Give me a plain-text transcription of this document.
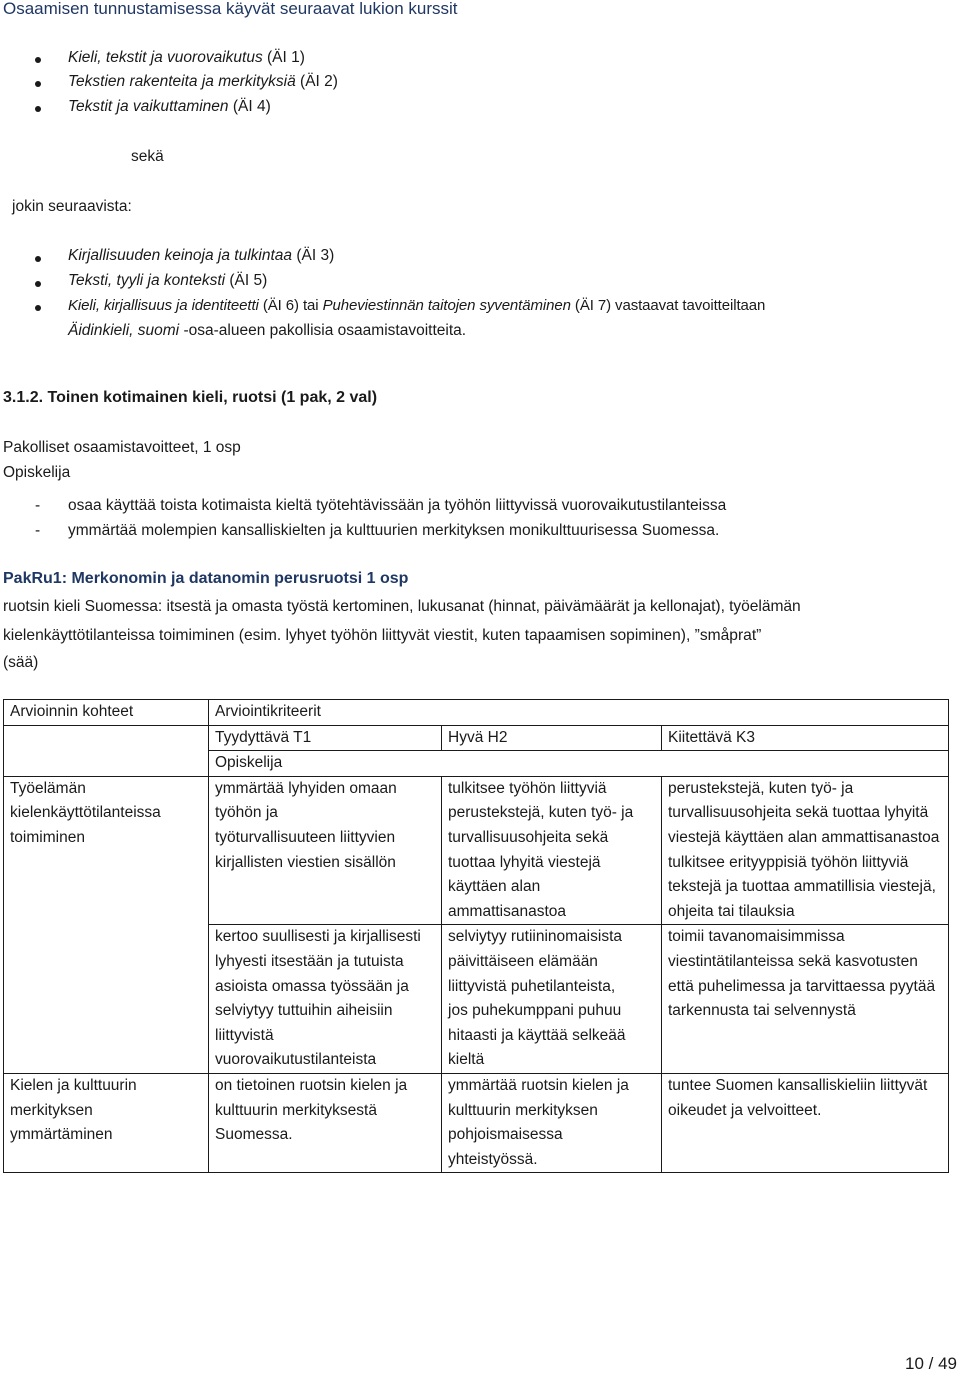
Osaamisen tunnustamisessa käyvät seuraavat lukion kurssit
Kieli, tekstit ja vuorovaikutus (ÄI 1)
Tekstien rakenteita ja merkityksiä (ÄI 2)
Tekstit ja vaikuttaminen (ÄI 4)
sekä
jokin seuraavista:
Kirjallisuuden keinoja ja tulkintaa (ÄI 3)
Teksti, tyyli ja konteksti (ÄI 5)
Kieli, kirjallisuus ja identiteetti (ÄI 6) tai Puheviestinnän taitojen syventäminen (ÄI 7) vastaavat tavoitteiltaan
Äidinkieli, suomi -osa-alueen pakollisia osaamistavoitteita.
3.1.2. Toinen kotimainen kieli, ruotsi (1 pak, 2 val)
Pakolliset osaamistavoitteet, 1 osp
Opiskelija
- osaa käyttää toista kotimaista kieltä työtehtävissään ja työhön liittyvissä vuorovaikutustilanteissa
- ymmärtää molempien kansalliskielten ja kulttuurien merkityksen monikulttuurisessa Suomessa.
PakRu1: Merkonomin ja datanomin perusruotsi 1 osp
ruotsin kieli Suomessa: itsestä ja omasta työstä kertominen, lukusanat (hinnat, päivämäärät ja kellonajat), työelämän
kielenkäyttötilanteissa toimiminen (esim. lyhyet työhön liittyvät viestit, kuten tapaamisen sopiminen), ”småprat”
(sää)
Arvioinnin kohteet	Arviointikriteerit		
	Tyydyttävä T1	Hyvä H2	Kiitettävä K3
	Opiskelija		
Työelämän kielenkäyttötilanteissa toimiminen	ymmärtää lyhyiden omaan työhön ja työturvallisuuteen liittyvien kirjallisten viestien sisällön	tulkitsee työhön liittyviä perustekstejä, kuten työ- ja turvallisuusohjeita sekä tuottaa lyhyitä viestejä käyttäen alan ammattisanastoa	perustekstejä, kuten työ- ja turvallisuusohjeita sekä tuottaa lyhyitä viestejä käyttäen alan ammattisanastoa tulkitsee erityyppisiä työhön liittyviä tekstejä ja tuottaa ammatillisia viestejä, ohjeita tai tilauksia
	kertoo suullisesti ja kirjallisesti lyhyesti itsestään ja tutuista asioista omassa työssään ja selviytyy tuttuihin aiheisiin liittyvistä vuorovaikutustilanteista	selviytyy rutiininomaisista päivittäiseen elämään liittyvistä puhetilanteista, jos puhekumppani puhuu hitaasti ja käyttää selkeää kieltä	toimii tavanomaisimmissa viestintätilanteissa sekä kasvotusten että puhelimessa ja tarvittaessa pyytää tarkennusta tai selvennystä
Kielen ja kulttuurin merkityksen ymmärtäminen	on tietoinen ruotsin kielen ja kulttuurin merkityksestä Suomessa.	ymmärtää ruotsin kielen ja kulttuurin merkityksen pohjoismaisessa yhteistyössä.	tuntee Suomen kansalliskieliin liittyvät oikeudet ja velvoitteet.
10 / 49
